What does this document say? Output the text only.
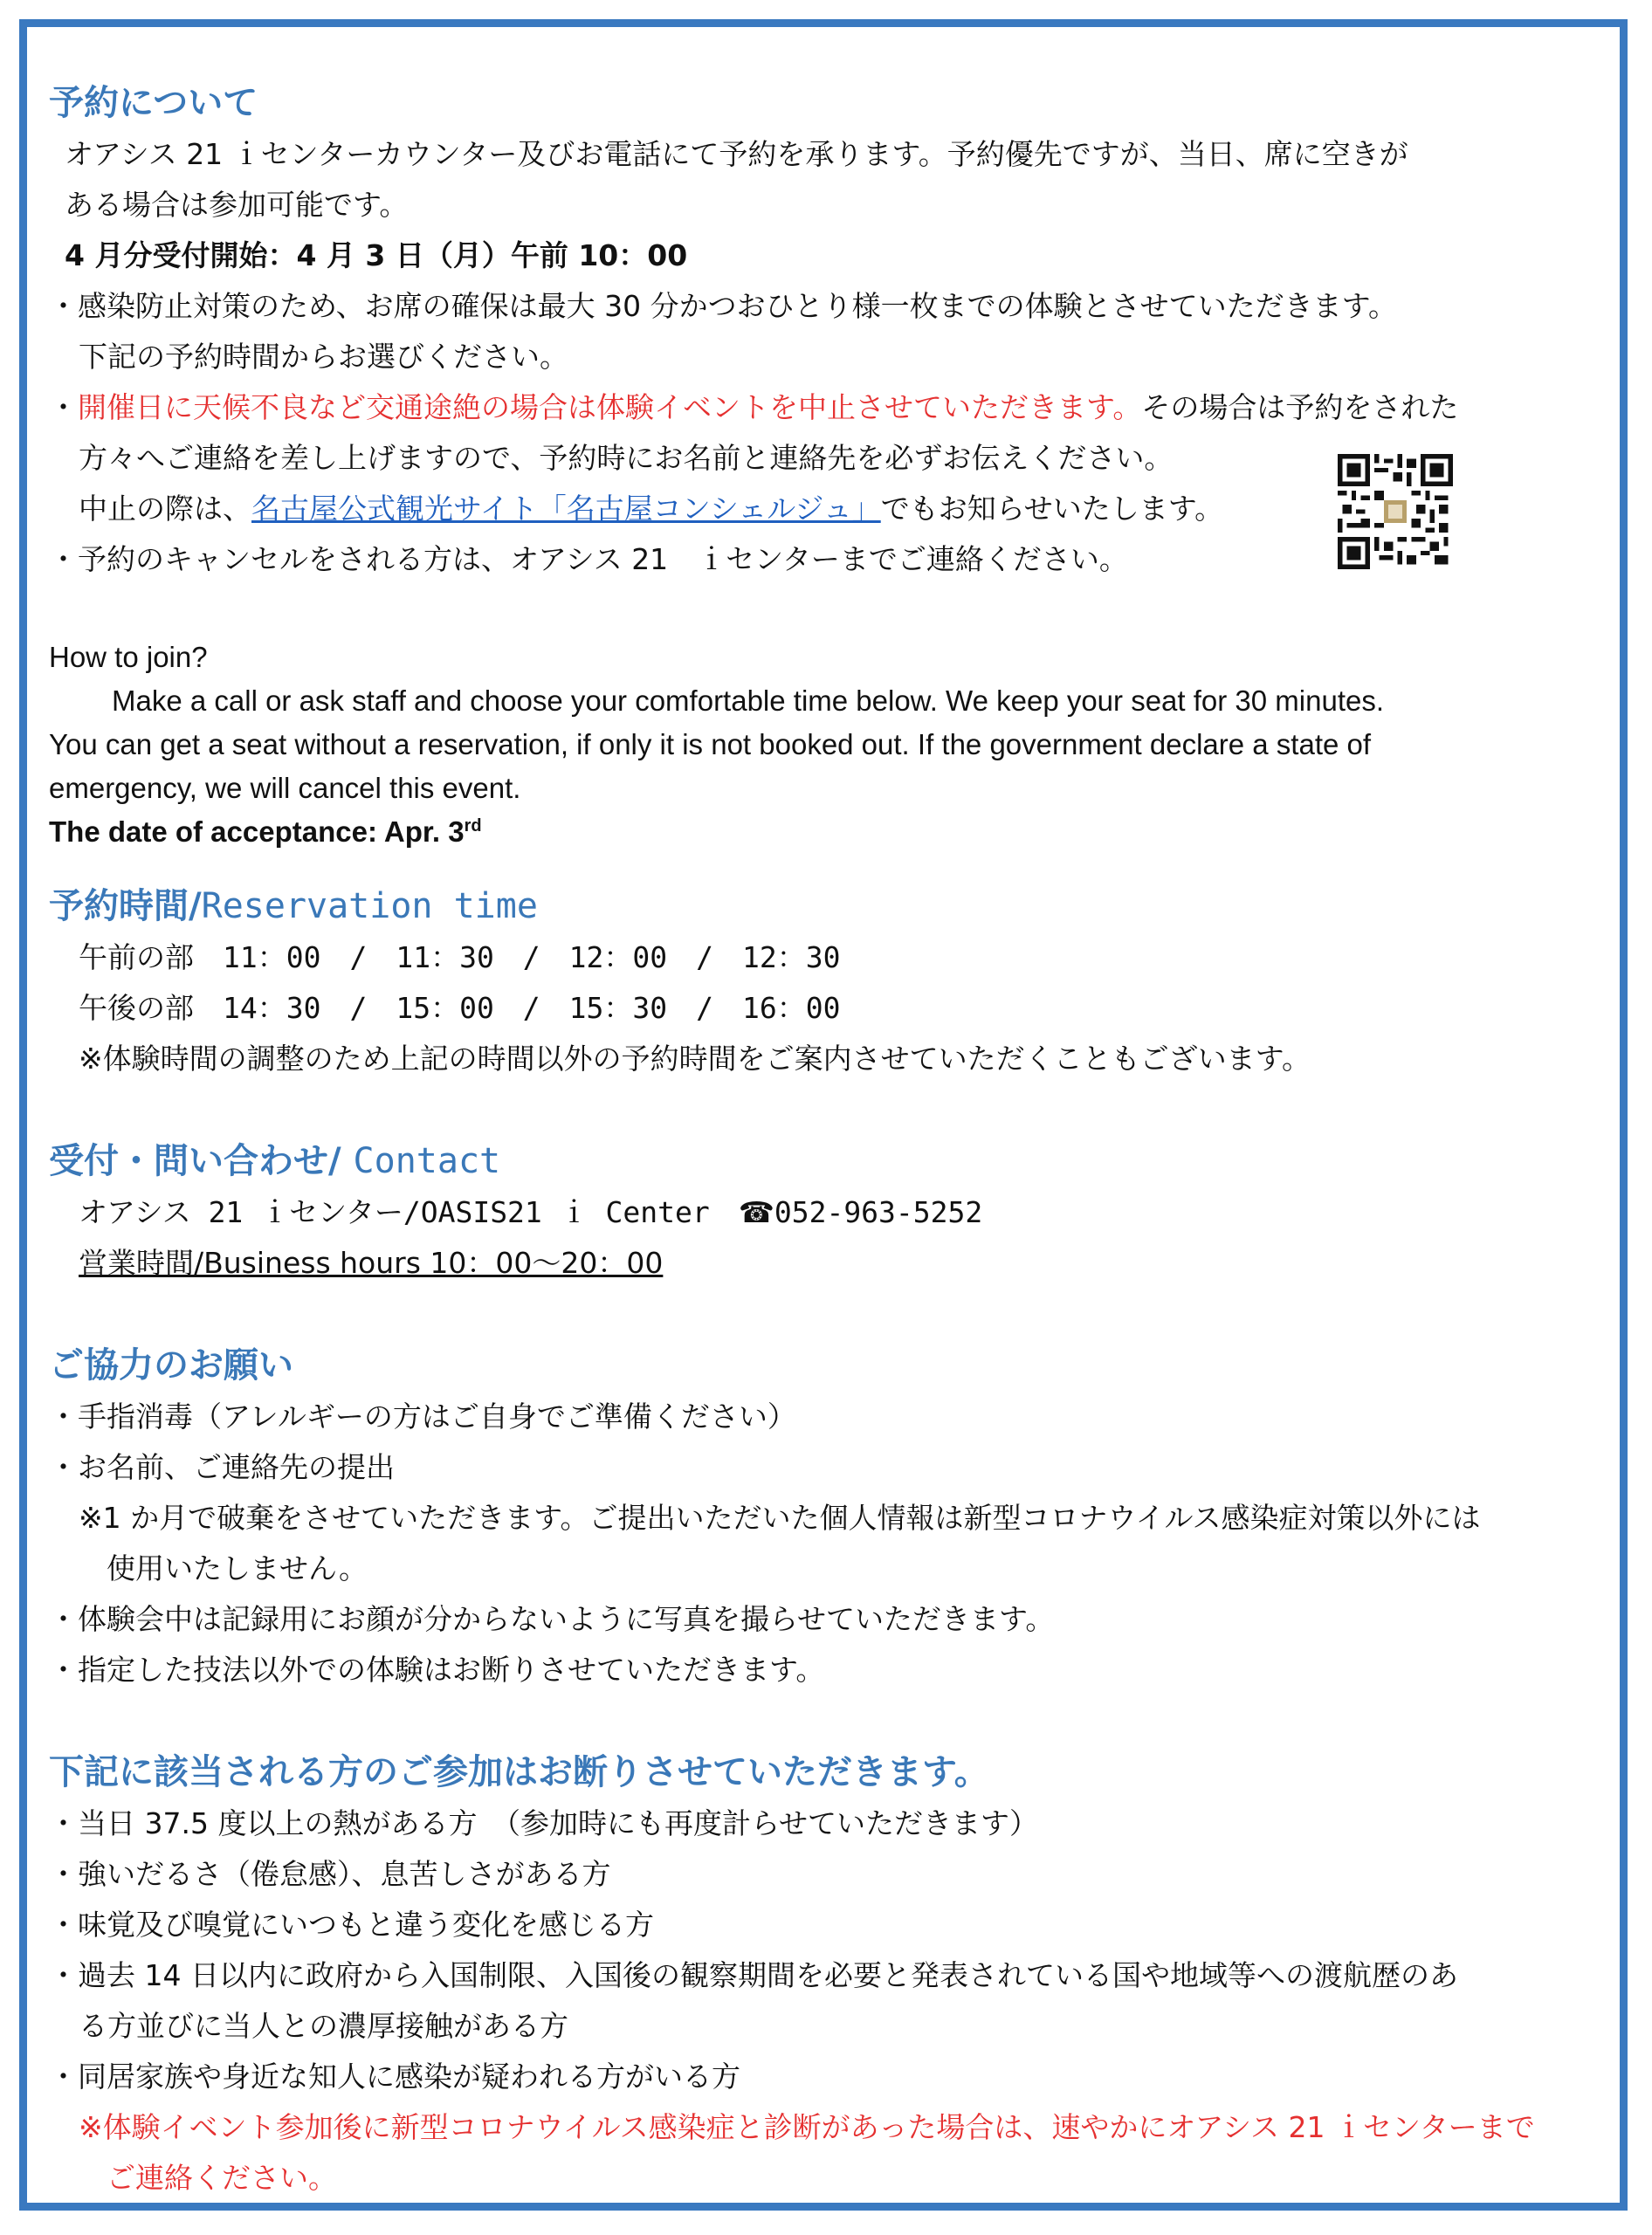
予約について
オアシス 21 ｉセンターカウンター及びお電話にて予約を承ります。予約優先ですが、当日、席に空きが
ある場合は参加可能です。
4 月分受付開始：4 月 3 日（月）午前 10：00
・感染防止対策のため、お席の確保は最大 30 分かつおひとり様一枚までの体験とさせていただきます。
下記の予約時間からお選びください。
・開催日に天候不良など交通途絶の場合は体験イベントを中止させていただきます。その場合は予約をされた
方々へご連絡を差し上げますので、予約時にお名前と連絡先を必ずお伝えください。
中止の際は、名古屋公式観光サイト「名古屋コンシェルジュ」でもお知らせいたします。
・予約のキャンセルをされる方は、オアシス 21　ｉセンターまでご連絡ください。
How to join?
Make a call or ask staff and choose your comfortable time below. We keep your seat for 30 minutes.
You can get a seat without a reservation, if only it is not booked out. If the government declare a state of
emergency, we will cancel this event.
The date of acceptance: Apr. 3rd
予約時間/Reservation time
午前の部　11：00　/　11：30　/　12：00　/　12：30
午後の部　14：30　/　15：00　/　15：30　/　16：00
※体験時間の調整のため上記の時間以外の予約時間をご案内させていただくこともございます。
受付・問い合わせ/ Contact
オアシス 21 ｉセンター/OASIS21 ｉ Center　☎052-963-5252
営業時間/Business hours 10：00～20：00
ご協力のお願い
・手指消毒（アレルギーの方はご自身でご準備ください）
・お名前、ご連絡先の提出
※1 か月で破棄をさせていただきます。ご提出いただいた個人情報は新型コロナウイルス感染症対策以外には
使用いたしません。
・体験会中は記録用にお顔が分からないように写真を撮らせていただきます。
・指定した技法以外での体験はお断りさせていただきます。
下記に該当される方のご参加はお断りさせていただきます。
・当日 37.5 度以上の熱がある方　（参加時にも再度計らせていただきます）
・強いだるさ（倦怠感）、息苦しさがある方
・味覚及び嗅覚にいつもと違う変化を感じる方
・過去 14 日以内に政府から入国制限、入国後の観察期間を必要と発表されている国や地域等への渡航歴のあ
る方並びに当人との濃厚接触がある方
・同居家族や身近な知人に感染が疑われる方がいる方
※体験イベント参加後に新型コロナウイルス感染症と診断があった場合は、速やかにオアシス 21 ｉセンターまで
ご連絡ください。
